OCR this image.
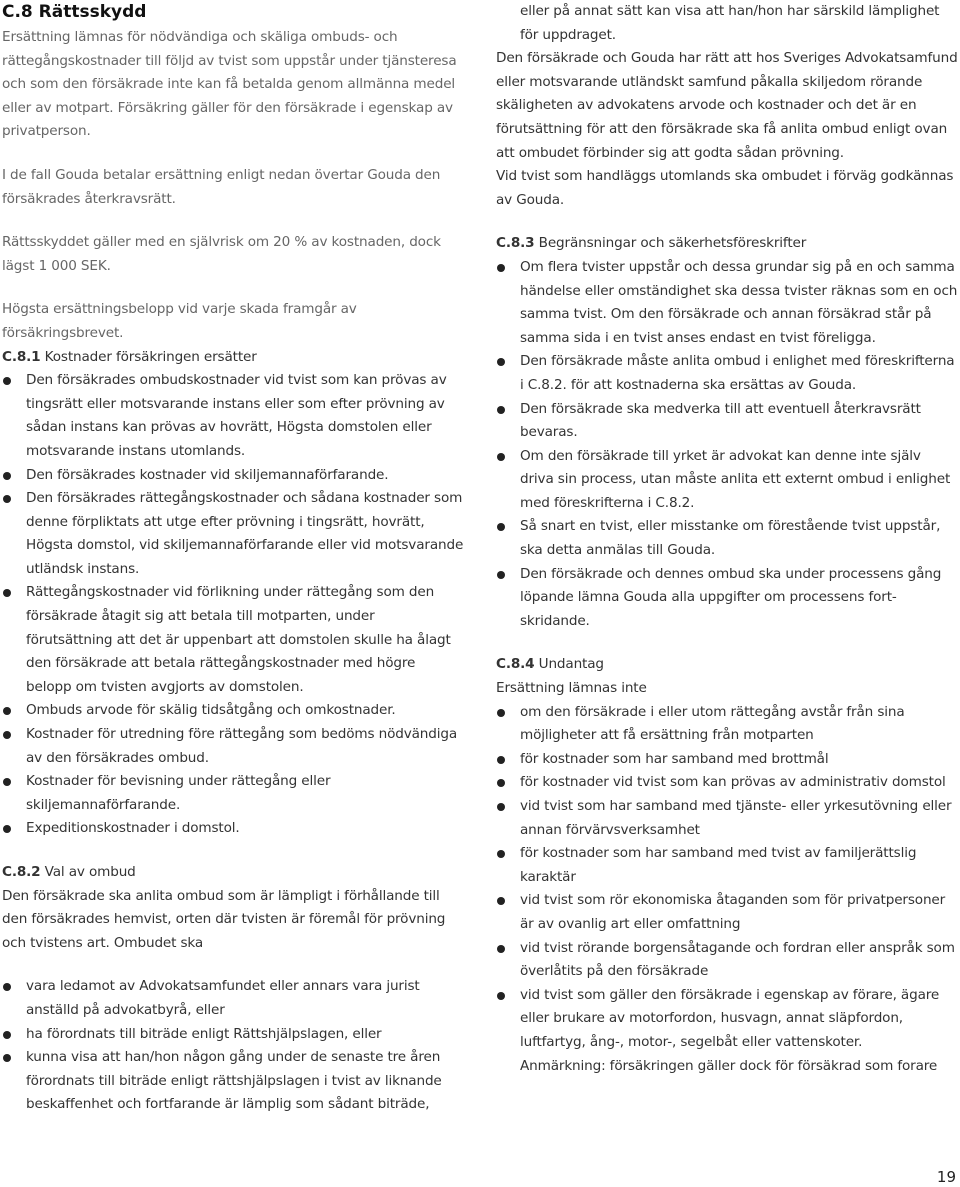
C.8 Rättsskydd

Ersättning lämnas för nödvändiga och skäliga ombuds- och rättegångskostnader till följd av tvist som uppstår under tjänsteresa och som den försäkrade inte kan få betalda genom allmänna medel eller av motpart. Försäkring gäller för den försäkrade i egenskap av privatperson.

I de fall Gouda betalar ersättning enligt nedan övertar Gouda den försäkrades återkravsrätt.

Rättsskyddet gäller med en självrisk om 20 % av kostnaden, dock lägst 1 000 SEK.

Högsta ersättningsbelopp vid varje skada framgår av försäkringsbrevet.

C.8.1 Kostnader försäkringen ersätter

Den försäkrades ombudskostnader vid tvist som kan prövas av tingsrätt eller motsvarande instans eller som efter prövning av sådan instans kan prövas av hovrätt, Högsta domstolen eller motsvarande instans utomlands.
Den försäkrades kostnader vid skiljemannaförfarande.
Den försäkrades rättegångskostnader och sådana kostnader som denne förpliktats att utge efter prövning i tingsrätt, hovrätt, Högsta domstol, vid skiljemannaförfarande eller vid motsvarande utländsk instans.
Rättegångskostnader vid förlikning under rättegång som den försäkrade åtagit sig att betala till motparten, under förutsättning att det är uppenbart att domstolen skulle ha ålagt den försäkrade att betala rättegångskostnader med högre belopp om tvisten avgjorts av domstolen.
Ombuds arvode för skälig tidsåtgång och omkostnader.
Kostnader för utredning före rättegång som bedöms nödvändiga av den försäkrades ombud.
Kostnader för bevisning under rättegång eller skiljemannaförfarande.
Expeditionskostnader i domstol.

C.8.2 Val av ombud

Den försäkrade ska anlita ombud som är lämpligt i förhållande till den försäkrades hemvist, orten där tvisten är föremål för prövning och tvistens art. Ombudet ska

vara ledamot av Advokatsamfundet eller annars vara jurist anställd på advokatbyrå, eller
ha förordnats till biträde enligt Rättshjälpslagen, eller
kunna visa att han/hon någon gång under de senaste tre åren förordnats till biträde enligt rättshjälpslagen i tvist av liknande beskaffenhet och fortfarande är lämplig som sådant biträde,

eller på annat sätt kan visa att han/hon har särskild lämplighet för uppdraget.

Den försäkrade och Gouda har rätt att hos Sveriges Advokatsamfund eller motsvarande utländskt samfund påkalla skiljedom rörande skäligheten av advokatens arvode och kostnader och det är en förutsättning för att den försäkrade ska få anlita ombud enligt ovan att ombudet förbinder sig att godta sådan prövning.

Vid tvist som handläggs utomlands ska ombudet i förväg godkännas av Gouda.

C.8.3 Begränsningar och säkerhetsföreskrifter

Om flera tvister uppstår och dessa grundar sig på en och samma händelse eller omständighet ska dessa tvister räknas som en och samma tvist. Om den försäkrade och annan försäkrad står på samma sida i en tvist anses endast en tvist föreligga.
Den försäkrade måste anlita ombud i enlighet med föreskrifterna i C.8.2. för att kostnaderna ska ersättas av Gouda.
Den försäkrade ska medverka till att eventuell återkravsrätt bevaras.
Om den försäkrade till yrket är advokat kan denne inte själv driva sin process, utan måste anlita ett externt ombud i enlighet med föreskrifterna i C.8.2.
Så snart en tvist, eller misstanke om förestående tvist uppstår, ska detta anmälas till Gouda.
Den försäkrade och dennes ombud ska under processens gång löpande lämna Gouda alla uppgifter om processens fort-skridande.

C.8.4 Undantag

Ersättning lämnas inte

om den försäkrade i eller utom rättegång avstår från sina möjligheter att få ersättning från motparten
för kostnader som har samband med brottmål
för kostnader vid tvist som kan prövas av administrativ domstol
vid tvist som har samband med tjänste- eller yrkesutövning eller annan förvärvsverksamhet
för kostnader som har samband med tvist av familjerättslig karaktär
vid tvist som rör ekonomiska åtaganden som för privatpersoner är av ovanlig art eller omfattning
vid tvist rörande borgensåtagande och fordran eller anspråk som överlåtits på den försäkrade
vid tvist som gäller den försäkrade i egenskap av förare, ägare eller brukare av motorfordon, husvagn, annat släpfordon, luftfartyg, ång-, motor-, segelbåt eller vattenskoter.

Anmärkning: försäkringen gäller dock för försäkrad som forare

19
